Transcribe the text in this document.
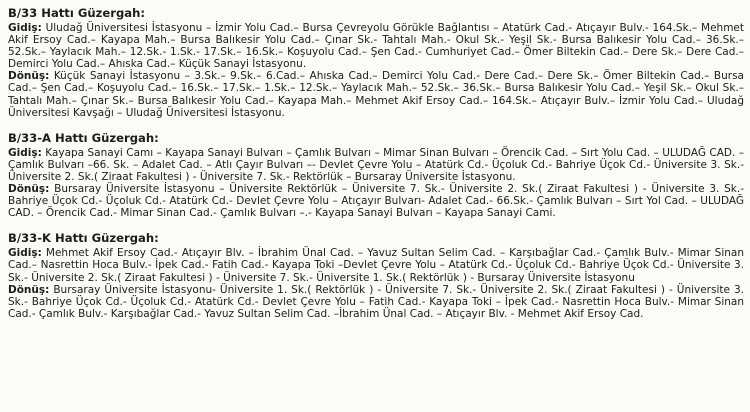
B/33 Hattı Güzergah:

Gidiş: Uludağ Üniversitesi İstasyonu – İzmir Yolu Cad.– Bursa Çevreyolu Görükle Bağlantısı – Atatürk Cad.- Atıçayır Bulv.- 164.Sk.– Mehmet Akif Ersoy Cad.– Kayapa Mah.– Bursa Balıkesir Yolu Cad.– Çınar Sk.- Tahtalı Mah.- Okul Sk.- Yeşil Sk.- Bursa Balıkesir Yolu Cad.– 36.Sk.– 52.Sk.– Yaylacık Mah.– 12.Sk.- 1.Sk.- 17.Sk.– 16.Sk.– Koşuyolu Cad.– Şen Cad.- Cumhuriyet Cad.– Ömer Biltekin Cad.– Dere Sk.– Dere Cad.– Demirci Yolu Cad.– Ahıska Cad.– Küçük Sanayi İstasyonu.

Dönüş: Küçük Sanayi İstasyonu – 3.Sk.– 9.Sk.– 6.Cad.– Ahıska Cad.– Demirci Yolu Cad.- Dere Cad.– Dere Sk.– Ömer Biltekin Cad.– Bursa Cad.– Şen Cad.– Koşuyolu Cad.– 16.Sk.– 17.Sk.– 1.Sk.– 12.Sk.– Yaylacık Mah.– 52.Sk.– 36.Sk.– Bursa Balıkesir Yolu Cad.– Yeşil Sk.– Okul Sk.– Tahtalı Mah.– Çınar Sk.– Bursa Balıkesir Yolu Cad.– Kayapa Mah.– Mehmet Akif Ersoy Cad.– 164.Sk.– Atıçayır Bulv.– İzmir Yolu Cad.– Uludağ Üniversitesi Kavşağı – Uludağ Üniversitesi İstasyonu.

B/33-A Hattı Güzergah:

Gidiş: Kayapa Sanayi Camı – Kayapa Sanayi Bulvarı – Çamlık Bulvarı – Mimar Sinan Bulvarı – Örencik Cad. – Sırt Yolu Cad. – ULUDAĞ CAD. – Çamlık Bulvarı –66. Sk. – Adalet Cad. – Atlı Çayır Bulvarı –- Devlet Çevre Yolu – Atatürk Cd.- Üçoluk Cd.- Bahriye Üçok Cd.- Üniversite 3. Sk.- Üniversite 2. Sk.( Ziraat Fakultesi ) - Üniversite 7. Sk.- Rektörlük – Bursaray Üniversite İstasyonu.

Dönüş: Bursaray Üniversite İstasyonu – Üniversite Rektörlük – Üniversite 7. Sk.- Üniversite 2. Sk.( Ziraat Fakultesi ) - Üniversite 3. Sk.- Bahriye Üçok Cd.- Üçoluk Cd.- Atatürk Cd.- Devlet Çevre Yolu – Atıçayır Bulvarı- Adalet Cad.- 66.Sk.- Çamlık Bulvarı – Sırt Yol Cad. – ULUDAĞ CAD. – Örencik Cad.- Mimar Sinan Cad.- Çamlık Bulvarı –.- Kayapa Sanayi Bulvarı – Kayapa Sanayi Cami.

B/33-K Hattı Güzergah:

Gidiş: Mehmet Akif Ersoy Cad.- Atıçayır Blv. – İbrahim Ünal Cad. – Yavuz Sultan Selim Cad. – Karşıbağlar Cad.- Çamlık Bulv.- Mimar Sinan Cad.– Nasrettin Hoca Bulv.- İpek Cad.- Fatih Cad.- Kayapa Toki –Devlet Çevre Yolu – Atatürk Cd.- Üçoluk Cd.- Bahriye Üçok Cd.- Üniversite 3. Sk.- Üniversite 2. Sk.( Ziraat Fakultesi ) - Üniversite 7. Sk.- Üniversite 1. Sk.( Rektörlük ) - Bursaray Üniversite İstasyonu

Dönüş: Bursaray Üniversite İstasyonu- Üniversite 1. Sk.( Rektörlük ) - Üniversite 7. Sk.- Üniversite 2. Sk.( Ziraat Fakultesi ) - Üniversite 3. Sk.- Bahriye Üçok Cd.- Üçoluk Cd.- Atatürk Cd.- Devlet Çevre Yolu – Fatih Cad.- Kayapa Toki – İpek Cad.- Nasrettin Hoca Bulv.- Mimar Sinan Cad.- Çamlık Bulv.- Karşıbağlar Cad.- Yavuz Sultan Selim Cad. –İbrahim Ünal Cad. – Atıçayır Blv. - Mehmet Akif Ersoy Cad.
